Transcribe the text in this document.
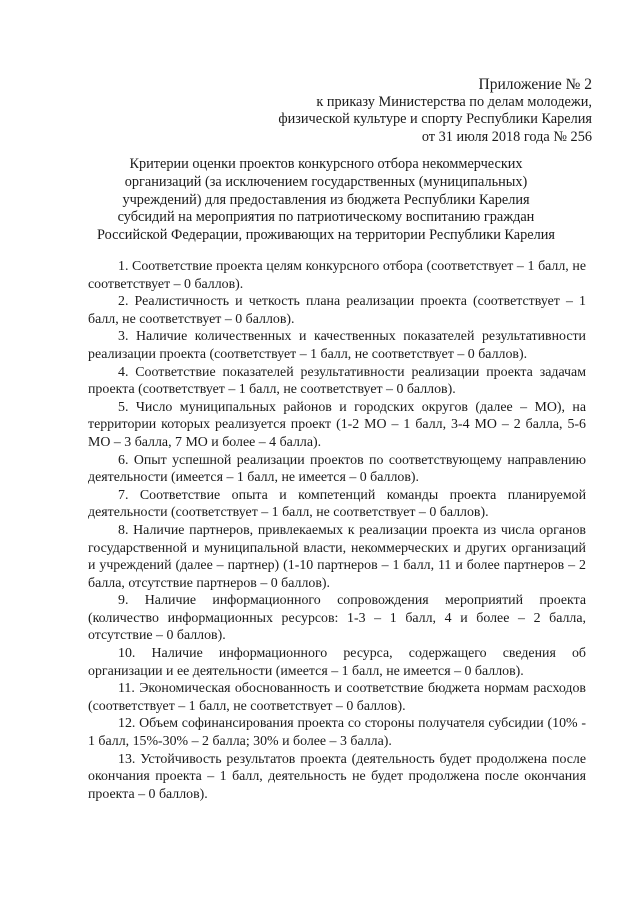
Приложение № 2
к приказу Министерства по делам молодежи,
физической культуре и спорту Республики Карелия
от 31 июля 2018 года № 256
Критерии оценки проектов конкурсного отбора некоммерческих организаций (за исключением государственных (муниципальных) учреждений) для предоставления из бюджета Республики Карелия субсидий на мероприятия по патриотическому воспитанию граждан Российской Федерации, проживающих на территории Республики Карелия

1. Соответствие проекта целям конкурсного отбора (соответствует – 1 балл, не соответствует – 0 баллов).

2. Реалистичность и четкость плана реализации проекта (соответствует – 1 балл, не соответствует – 0 баллов).

3. Наличие количественных и качественных показателей результативности реализации проекта (соответствует – 1 балл, не соответствует – 0 баллов).

4. Соответствие показателей результативности реализации проекта задачам проекта (соответствует – 1 балл, не соответствует – 0 баллов).

5. Число муниципальных районов и городских округов (далее – МО), на территории которых реализуется проект (1-2 МО – 1 балл, 3-4 МО – 2 балла, 5-6 МО – 3 балла, 7 МО и более – 4 балла).

6. Опыт успешной реализации проектов по соответствующему направлению деятельности (имеется – 1 балл, не имеется – 0 баллов).

7. Соответствие опыта и компетенций команды проекта планируемой деятельности (соответствует – 1 балл, не соответствует – 0 баллов).

8. Наличие партнеров, привлекаемых к реализации проекта из числа органов государственной и муниципальной власти, некоммерческих и других организаций и учреждений (далее – партнер) (1-10 партнеров – 1 балл, 11 и более партнеров – 2 балла, отсутствие партнеров – 0 баллов).

9. Наличие информационного сопровождения мероприятий проекта (количество информационных ресурсов: 1-3 – 1 балл, 4 и более – 2 балла, отсутствие – 0 баллов).

10. Наличие информационного ресурса, содержащего сведения об организации и ее деятельности (имеется – 1 балл, не имеется – 0 баллов).

11. Экономическая обоснованность и соответствие бюджета нормам расходов (соответствует – 1 балл, не соответствует – 0 баллов).

12. Объем софинансирования проекта со стороны получателя субсидии (10% - 1 балл, 15%-30% – 2 балла; 30% и более – 3 балла).

13. Устойчивость результатов проекта (деятельность будет продолжена после окончания проекта – 1 балл, деятельность не будет продолжена после окончания проекта – 0 баллов).
